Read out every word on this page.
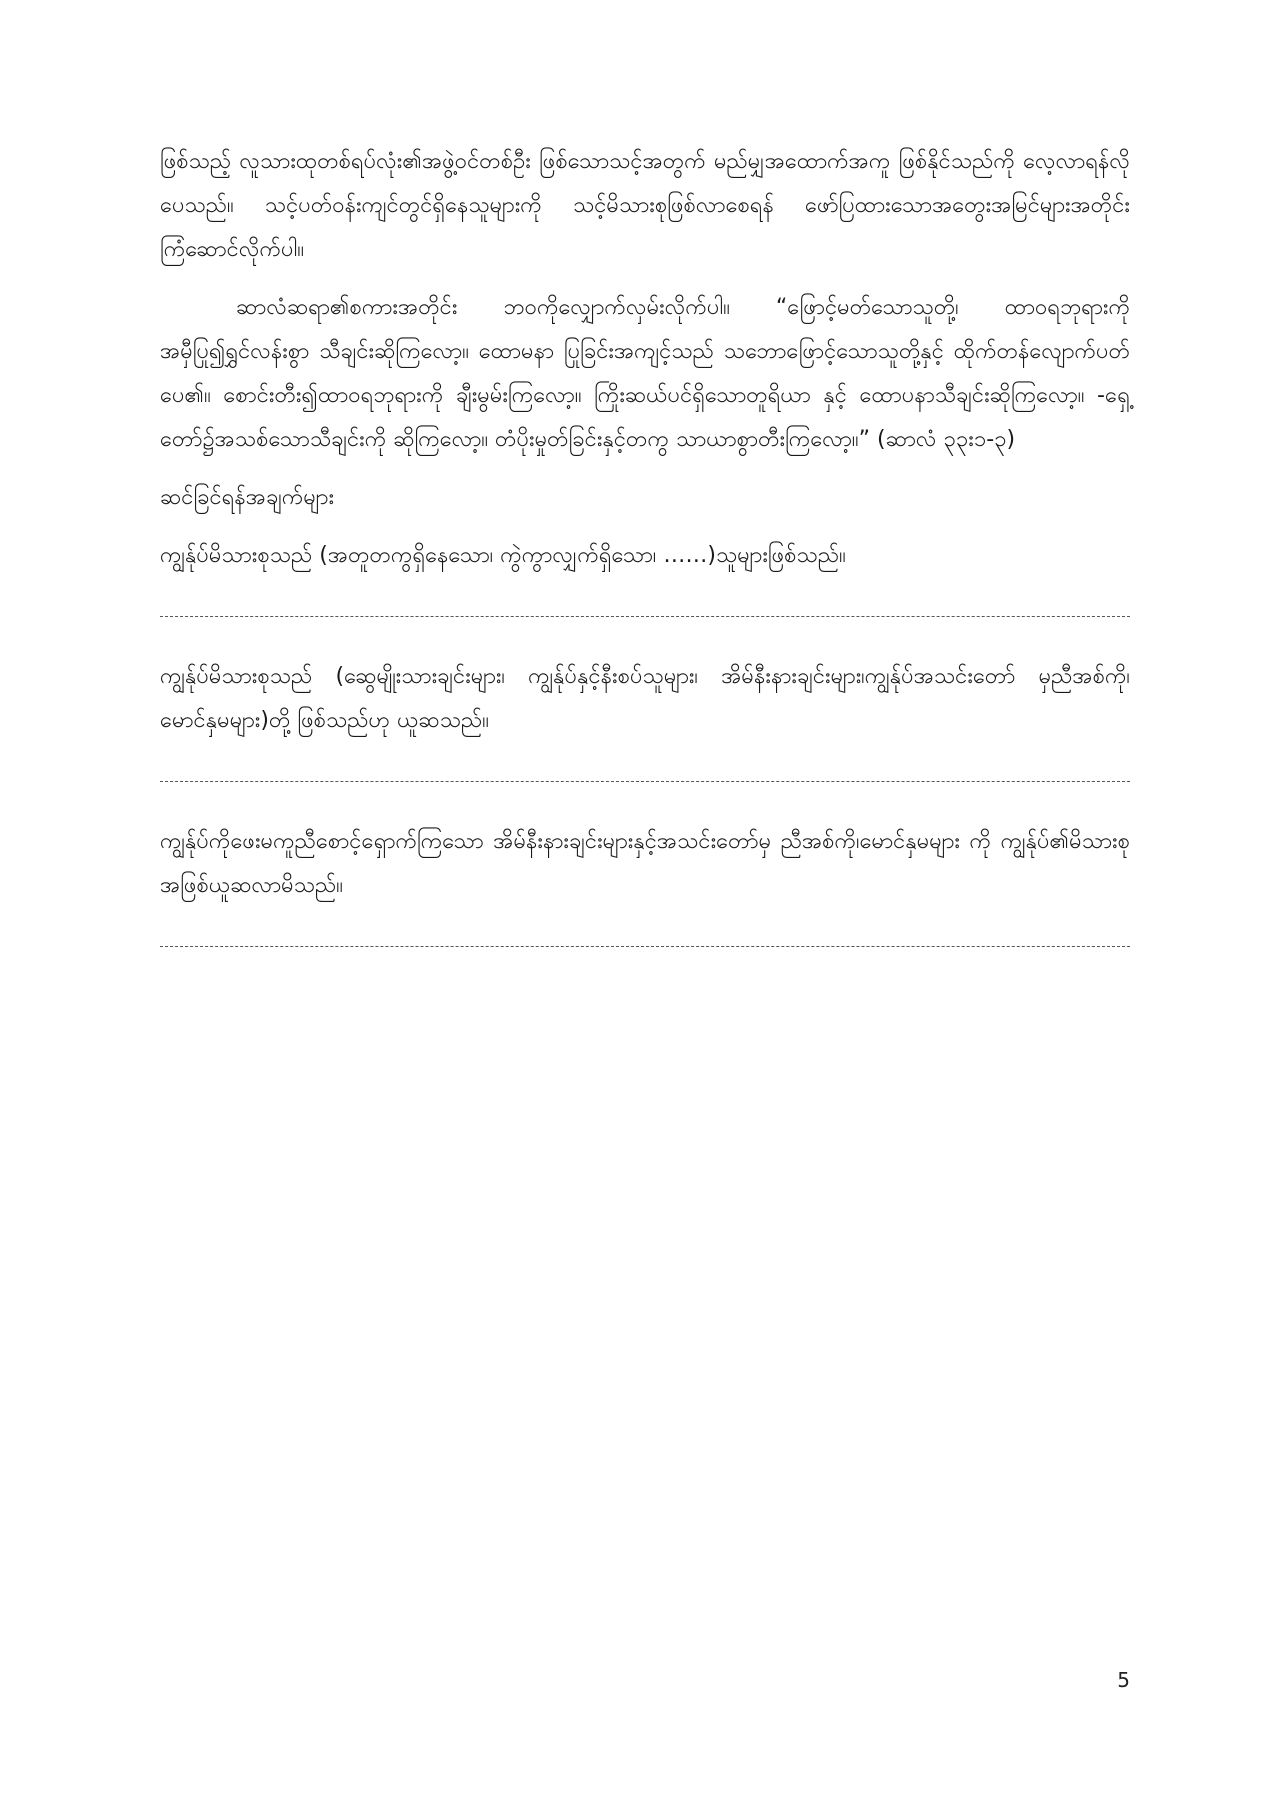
ဖြစ်သည့် လူသားထုတစ်ရပ်လုံး၏အဖွဲ့ဝင်တစ်ဦး ဖြစ်သောသင့်အတွက် မည်မျှအထောက်အကူ ဖြစ်နိုင်သည်ကို လေ့လာရန်လိုပေသည်။ သင့်ပတ်ဝန်းကျင်တွင်ရှိနေသူများကို သင့်မိသားစုဖြစ်လာစေရန် ဖော်ပြထားသောအတွေးအမြင်များအတိုင်း ကြံဆောင်လိုက်ပါ။

ဆာလံဆရာ၏စကားအတိုင်း ဘဝကိုလျှောက်လှမ်းလိုက်ပါ။ “ဖြောင့်မတ်သောသူတို့၊ ထာဝရဘုရားကို အမှီပြု၍ရွှင်လန်းစွာ သီချင်းဆိုကြလော့။ ထောမနာ ပြုခြင်းအကျင့်သည် သဘောဖြောင့်သောသူတို့နှင့် ထိုက်တန်လျောက်ပတ်ပေ၏။ စောင်းတီး၍ထာဝရဘုရားကို ချီးမွမ်းကြလော့။ ကြိုးဆယ်ပင်ရှိသောတူရိယာ နှင့် ထောပနာသီချင်းဆိုကြလော့။ -ရှေ့တော်၌အသစ်သောသီချင်းကို ဆိုကြလော့။ တံပိုးမှုတ်ခြင်းနှင့်တကွ သာယာစွာတီးကြလော့။” (ဆာလံ ၃၃း၁-၃)

ဆင်ခြင်ရန်အချက်များ

ကျွန်ုပ်မိသားစုသည် (အတူတကွရှိနေသော၊ ကွဲကွာလျှက်ရှိသော၊ ……)သူများဖြစ်သည်။

ကျွန်ုပ်မိသားစုသည် (ဆွေမျိုးသားချင်းများ၊ ကျွန်ုပ်နှင့်နီးစပ်သူများ၊ အိမ်နီးနားချင်းများ၊ကျွန်ုပ်အသင်းတော် မှညီအစ်ကို၊ မောင်နှမများ)တို့ ဖြစ်သည်ဟု ယူဆသည်။

ကျွန်ုပ်ကိုဖေးမကူညီစောင့်ရှောက်ကြသော အိမ်နီးနားချင်းများနှင့်အသင်းတော်မှ ညီအစ်ကို၊မောင်နှမများ ကို ကျွန်ုပ်၏မိသားစုအဖြစ်ယူဆလာမိသည်။

5
